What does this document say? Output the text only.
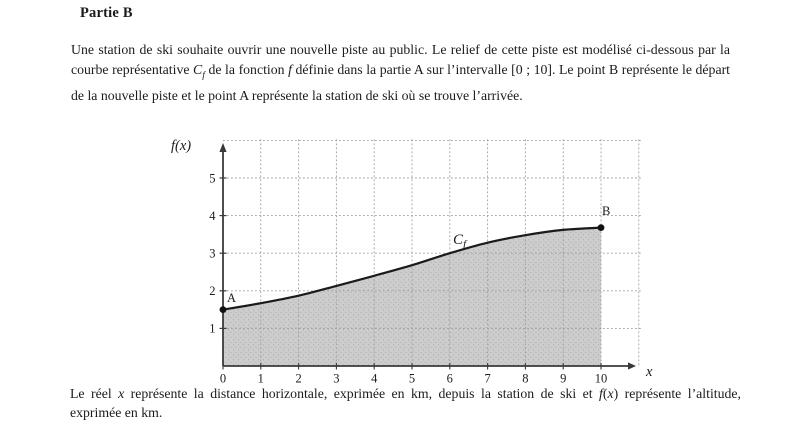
Partie B

Une station de ski souhaite ouvrir une nouvelle piste au public. Le relief de cette piste est modélisé ci-dessous par la courbe représentative $C_f$ de la fonction f définie dans la partie A sur l’intervalle [0 ; 10]. Le point B représente le départ de la nouvelle piste et le point A représente la station de ski où se trouve l’arrivée.

1
2
3
4
5
0	1	2	3	4	5	6	7	8	9 10
f(x)
x
$C_f$
A
B

Le réel x représente la distance horizontale, exprimée en km, depuis la station de ski et f(x) représente l’altitude, exprimée en km.
